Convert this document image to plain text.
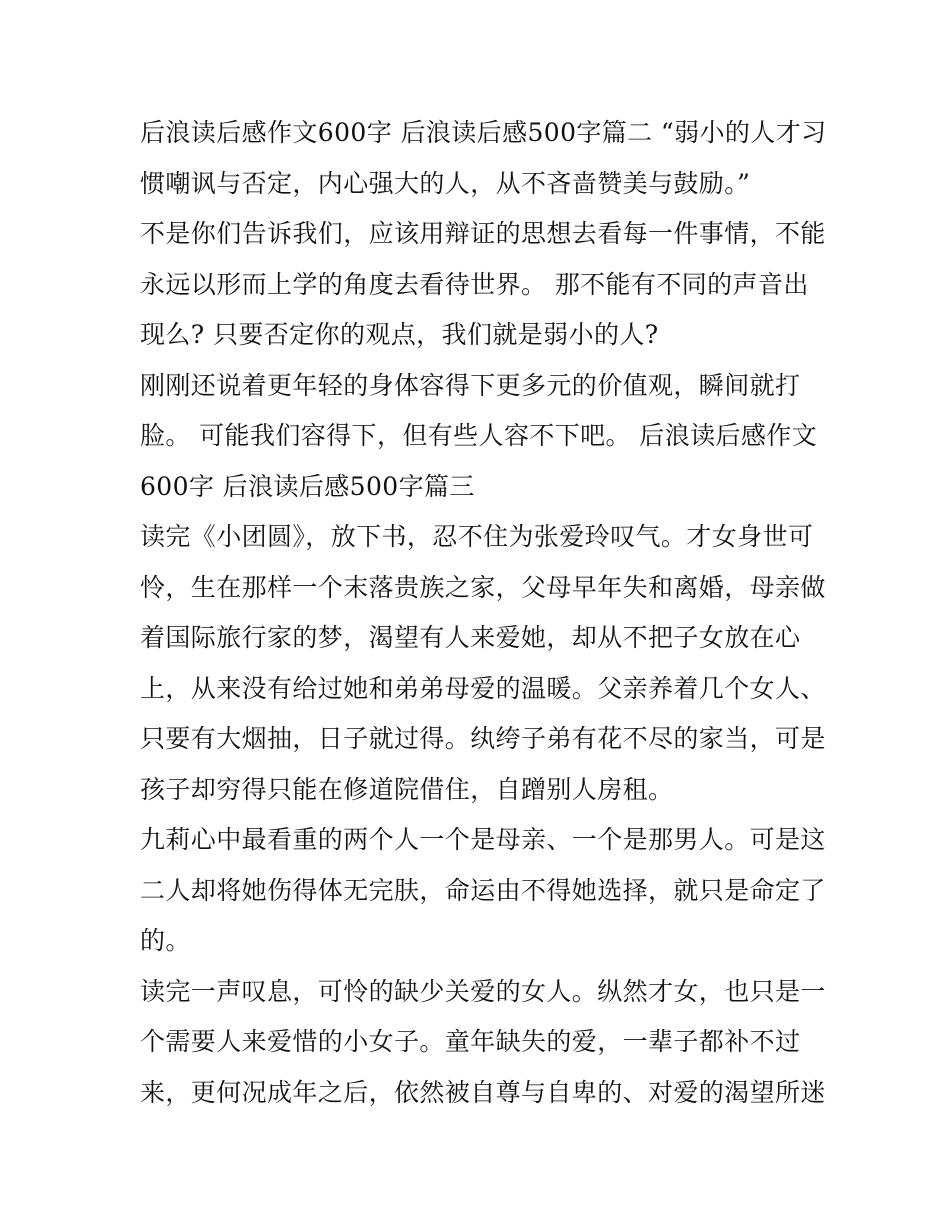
后浪读后感作文600字 后浪读后感500字篇二 “弱小的人才习
惯嘲讽与否定，内心强大的人，从不吝啬赞美与鼓励。”
不是你们告诉我们，应该用辩证的思想去看每一件事情，不能
永远以形而上学的角度去看待世界。 那不能有不同的声音出
现么? 只要否定你的观点，我们就是弱小的人?
刚刚还说着更年轻的身体容得下更多元的价值观，瞬间就打
脸。 可能我们容得下，但有些人容不下吧。 后浪读后感作文
600字 后浪读后感500字篇三
读完《小团圆》，放下书，忍不住为张爱玲叹气。才女身世可
怜，生在那样一个末落贵族之家，父母早年失和离婚，母亲做
着国际旅行家的梦，渴望有人来爱她，却从不把子女放在心
上，从来没有给过她和弟弟母爱的温暖。父亲养着几个女人、
只要有大烟抽，日子就过得。纨绔子弟有花不尽的家当，可是
孩子却穷得只能在修道院借住，自蹭别人房租。
九莉心中最看重的两个人一个是母亲、一个是那男人。可是这
二人却将她伤得体无完肤，命运由不得她选择，就只是命定了
的。
读完一声叹息，可怜的缺少关爱的女人。纵然才女，也只是一
个需要人来爱惜的小女子。童年缺失的爱，一辈子都补不过
来，更何况成年之后，依然被自尊与自卑的、对爱的渴望所迷
